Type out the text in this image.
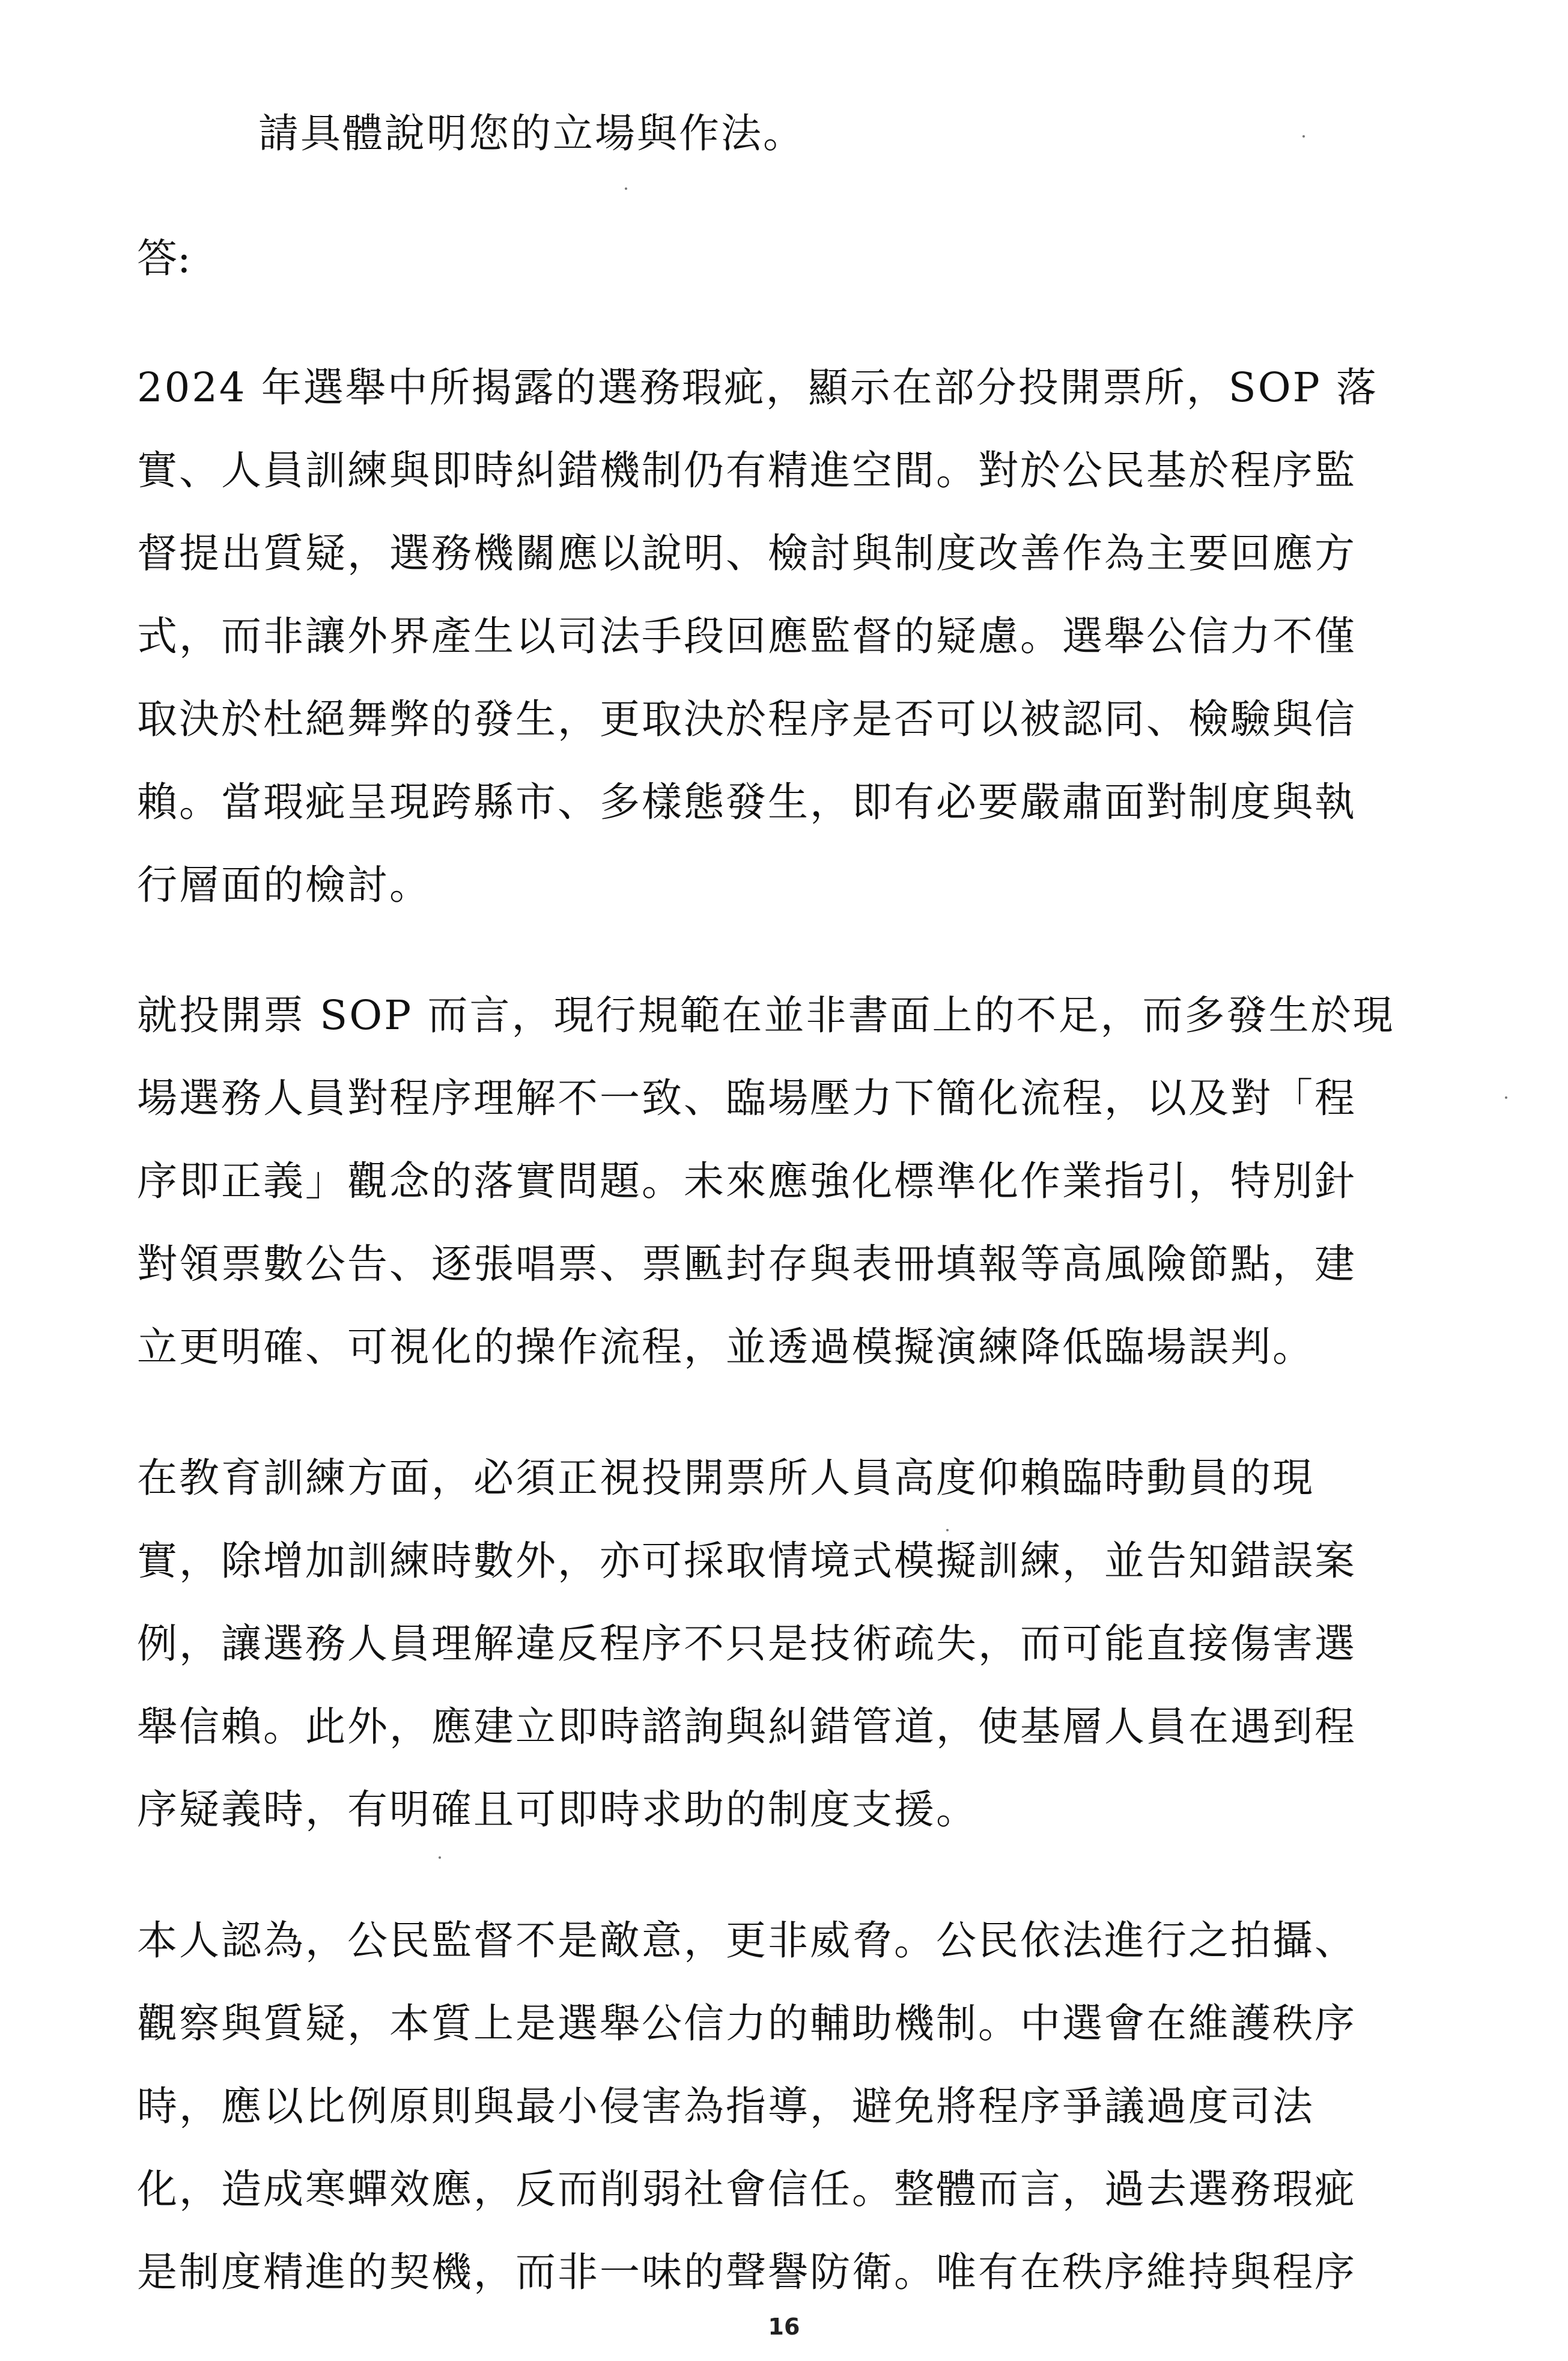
請具體說明您的立場與作法。
答:
2024 年選舉中所揭露的選務瑕疵，顯示在部分投開票所，SOP 落
實、人員訓練與即時糾錯機制仍有精進空間。對於公民基於程序監
督提出質疑，選務機關應以說明、檢討與制度改善作為主要回應方
式，而非讓外界產生以司法手段回應監督的疑慮。選舉公信力不僅
取決於杜絕舞弊的發生，更取決於程序是否可以被認同、檢驗與信
賴。當瑕疵呈現跨縣市、多樣態發生，即有必要嚴肅面對制度與執
行層面的檢討。
就投開票 SOP 而言，現行規範在並非書面上的不足，而多發生於現
場選務人員對程序理解不一致、臨場壓力下簡化流程，以及對「程
序即正義」觀念的落實問題。未來應強化標準化作業指引，特別針
對領票數公告、逐張唱票、票匭封存與表冊填報等高風險節點，建
立更明確、可視化的操作流程，並透過模擬演練降低臨場誤判。
在教育訓練方面，必須正視投開票所人員高度仰賴臨時動員的現
實，除增加訓練時數外，亦可採取情境式模擬訓練，並告知錯誤案
例，讓選務人員理解違反程序不只是技術疏失，而可能直接傷害選
舉信賴。此外，應建立即時諮詢與糾錯管道，使基層人員在遇到程
序疑義時，有明確且可即時求助的制度支援。
本人認為，公民監督不是敵意，更非威脅。公民依法進行之拍攝、
觀察與質疑，本質上是選舉公信力的輔助機制。中選會在維護秩序
時，應以比例原則與最小侵害為指導，避免將程序爭議過度司法
化，造成寒蟬效應，反而削弱社會信任。整體而言，過去選務瑕疵
是制度精進的契機，而非一味的聲譽防衛。唯有在秩序維持與程序
16
